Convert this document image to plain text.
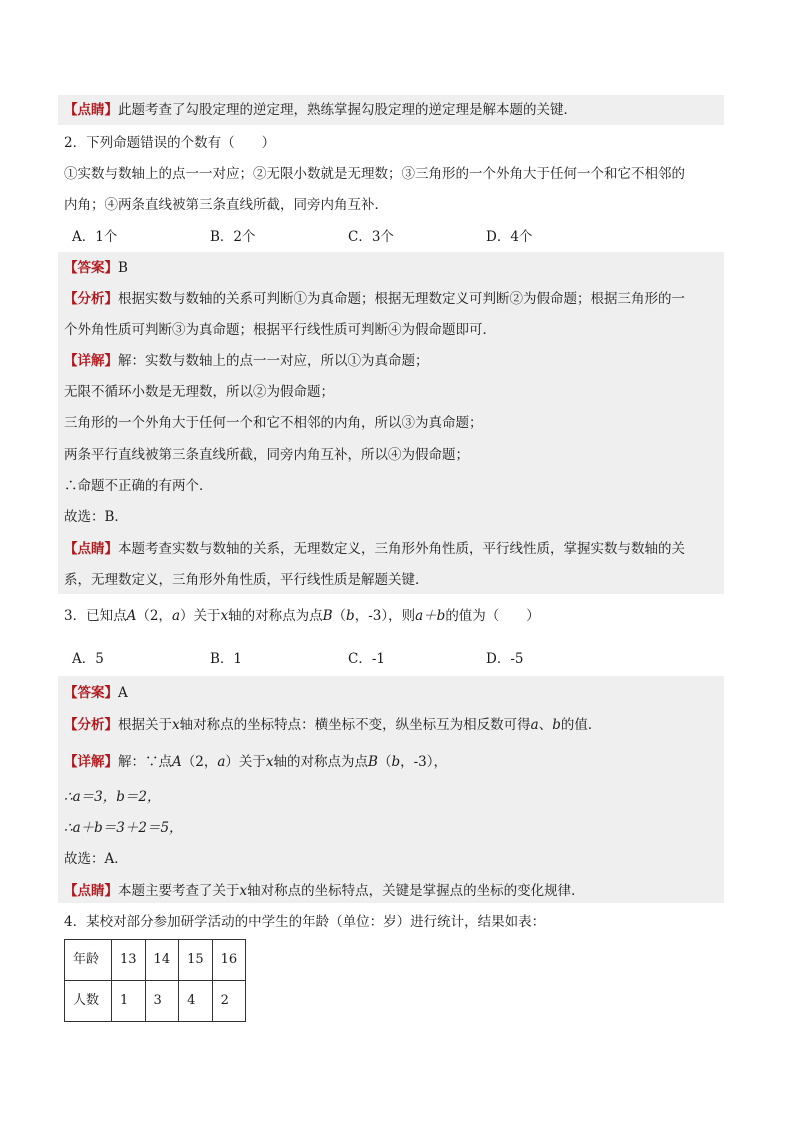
【点睛】此题考查了勾股定理的逆定理，熟练掌握勾股定理的逆定理是解本题的关键．
2．下列命题错误的个数有（　　）
①实数与数轴上的点一一对应；②无限小数就是无理数；③三角形的一个外角大于任何一个和它不相邻的
内角；④两条直线被第三条直线所截，同旁内角互补．
A．1个	B．2个	C．3个	D．4个
【答案】B
【分析】根据实数与数轴的关系可判断①为真命题；根据无理数定义可判断②为假命题；根据三角形的一
个外角性质可判断③为真命题；根据平行线性质可判断④为假命题即可．
【详解】解：实数与数轴上的点一一对应，所以①为真命题；
无限不循环小数是无理数，所以②为假命题；
三角形的一个外角大于任何一个和它不相邻的内角，所以③为真命题；
两条平行直线被第三条直线所截，同旁内角互补，所以④为假命题；
∴命题不正确的有两个．
故选：B．
【点睛】本题考查实数与数轴的关系，无理数定义，三角形外角性质，平行线性质，掌握实数与数轴的关
系，无理数定义，三角形外角性质，平行线性质是解题关键．
3．已知点A（2，a）关于x轴的对称点为点B（b，-3），则a＋b的值为（　　）
A．5	B．1	C．-1	D．-5
【答案】A
【分析】根据关于x轴对称点的坐标特点：横坐标不变，纵坐标互为相反数可得a、b的值．
【详解】解：∵点A（2，a）关于x轴的对称点为点B（b，-3），
∴a＝3，b＝2，
∴a＋b＝3＋2＝5，
故选：A．
【点睛】本题主要考查了关于x轴对称点的坐标特点，关键是掌握点的坐标的变化规律．
4．某校对部分参加研学活动的中学生的年龄（单位：岁）进行统计，结果如表：
年龄	13	14	15	16
人数	1	3	4	2
